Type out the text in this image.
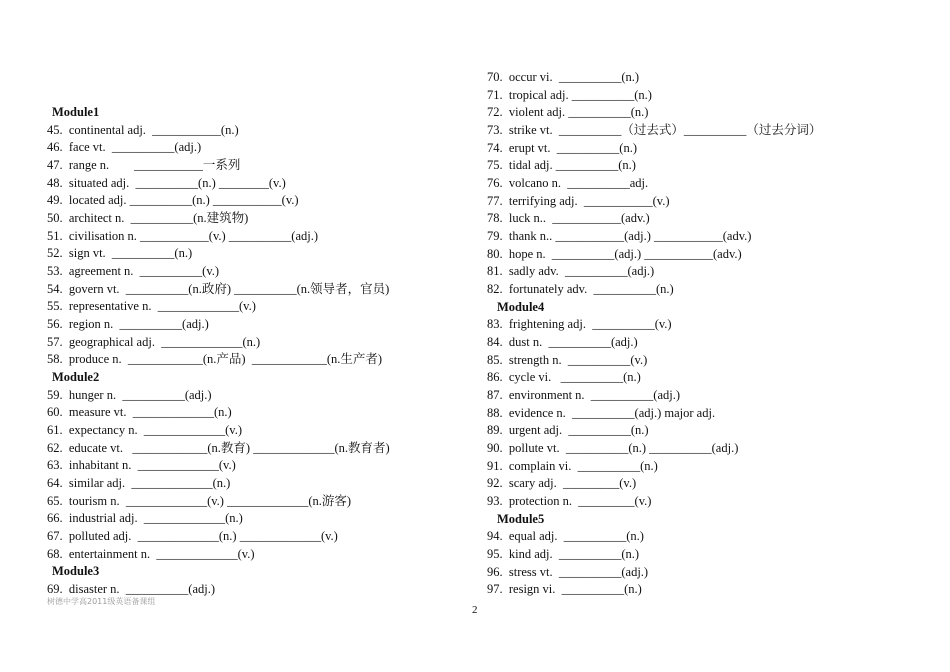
Module1
45.  continental adj.  ___________(n.)
46.  face vt.  __________(adj.)
47.  range n.        ___________一系列
48.  situated adj.  __________(n.) ________(v.)
49.  located adj. __________(n.) ___________(v.)
50.  architect n.  __________(n.建筑物)
51.  civilisation n. ___________(v.) __________(adj.)
52.  sign vt.  __________(n.)
53.  agreement n.  __________(v.)
54.  govern vt.  __________(n.政府) __________(n.领导者，官员)
55.  representative n.  _____________(v.)
56.  region n.  __________(adj.)
57.  geographical adj.  _____________(n.)
58.  produce n.  ____________(n.产品)  ____________(n.生产者)
Module2
59.  hunger n.  __________(adj.)
60.  measure vt.  _____________(n.)
61.  expectancy n.  _____________(v.)
62.  educate vt.   ____________(n.教育) _____________(n.教育者)
63.  inhabitant n.  _____________(v.)
64.  similar adj.  _____________(n.)
65.  tourism n.  _____________(v.) _____________(n.游客)
66.  industrial adj.  _____________(n.)
67.  polluted adj.  _____________(n.) _____________(v.)
68.  entertainment n.  _____________(v.)
Module3
69.  disaster n.  __________(adj.)
70.  occur vi.  __________(n.)
71.  tropical adj. __________(n.)
72.  violent adj. __________(n.)
73.  strike vt.  __________（过去式）__________（过去分词）
74.  erupt vt.  __________(n.)
75.  tidal adj. __________(n.)
76.  volcano n.  __________adj.
77.  terrifying adj.  ___________(v.)
78.  luck n..  ___________(adv.)
79.  thank n.. ___________(adj.) ___________(adv.)
80.  hope n.  __________(adj.) ___________(adv.)
81.  sadly adv.  __________(adj.)
82.  fortunately adv.  __________(n.)
Module4
83.  frightening adj.  __________(v.)
84.  dust n.  __________(adj.)
85.  strength n.  __________(v.)
86.  cycle vi.   __________(n.)
87.  environment n.  __________(adj.)
88.  evidence n.  __________(adj.) major adj.
89.  urgent adj.  __________(n.)
90.  pollute vt.  __________(n.) __________(adj.)
91.  complain vi.  __________(n.)
92.  scary adj.  _________(v.)
93.  protection n.  _________(v.)
Module5
94.  equal adj.  __________(n.)
95.  kind adj.  __________(n.)
96.  stress vt.  __________(adj.)
97.  resign vi.  __________(n.)
树德中学高2011级英语备课组
2
